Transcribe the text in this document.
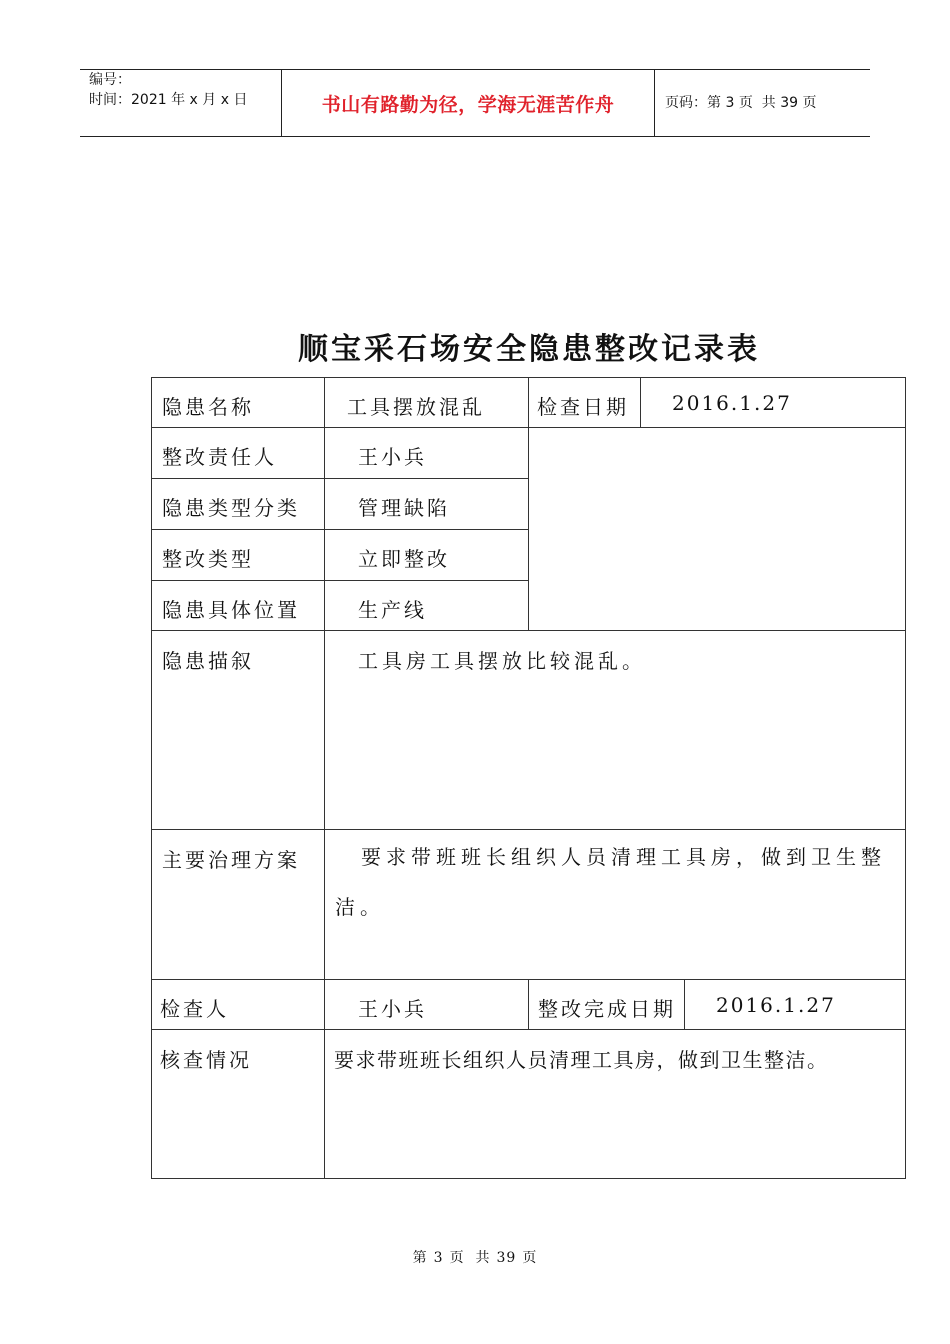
编号：
时间：2021 年 x 月 x 日	书山有路勤为径，学海无涯苦作舟	页码：第 3 页  共 39 页
顺宝采石场安全隐患整改记录表
隐患名称	工具摆放混乱	检查日期 2016.1.27
整改责任人	王小兵
隐患类型分类	管理缺陷
整改类型	立即整改
隐患具体位置	生产线
隐患描叙	工具房工具摆放比较混乱。
主要治理方案	要求带班班长组织人员清理工具房，做到卫生整洁。
检查人	王小兵	整改完成日期 2016.1.27
核查情况	要求带班班长组织人员清理工具房，做到卫生整洁。
第 3 页  共 39 页
